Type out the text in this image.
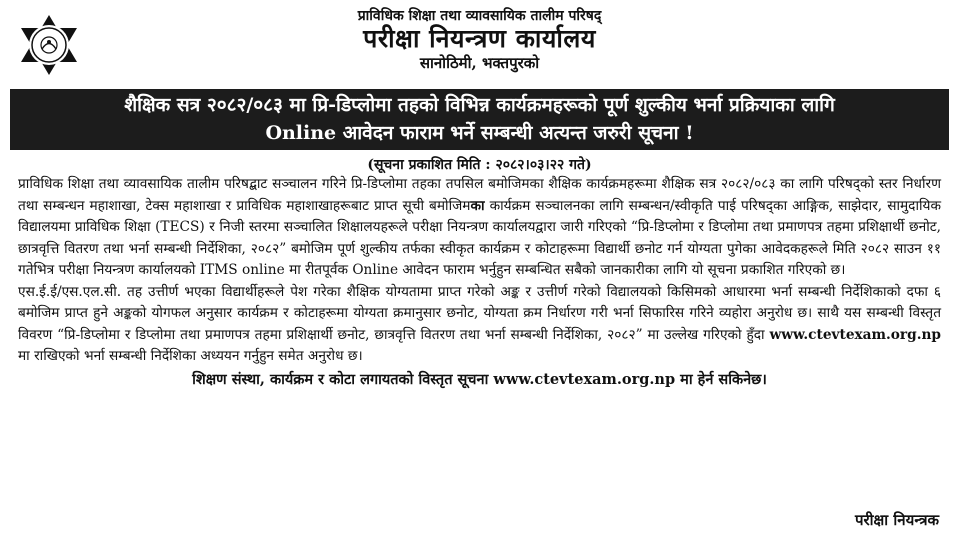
प्राविधिक शिक्षा तथा व्यावसायिक तालीम परिषद्
परीक्षा नियन्त्रण कार्यालय
सानोठिमी, भक्तपुरको
शैक्षिक सत्र २०८२/०८३ मा प्रि-डिप्लोमा तहको विभिन्न कार्यक्रमहरूको पूर्ण शुल्कीय भर्ना प्रक्रियाका लागि
Online आवेदन फाराम भर्ने सम्बन्धी अत्यन्त जरुरी सूचना !
(सूचना प्रकाशित मिति : २०८२।०३।२२ गते)

प्राविधिक शिक्षा तथा व्यावसायिक तालीम परिषद्बाट सञ्चालन गरिने प्रि-डिप्लोमा तहका तपसिल बमोजिमका शैक्षिक कार्यक्रमहरूमा शैक्षिक सत्र २०८२/०८३ का लागि परिषद्को स्तर निर्धारण तथा सम्बन्धन महाशाखा, टेक्स महाशाखा र प्राविधिक महाशाखाहरूबाट प्राप्त सूची बमोजिमका कार्यक्रम सञ्चालनका लागि सम्बन्धन/स्वीकृति पाई परिषद्का आङ्गिक, साझेदार, सामुदायिक विद्यालयमा प्राविधिक शिक्षा (TECS) र निजी स्तरमा सञ्चालित शिक्षालयहरूले परीक्षा नियन्त्रण कार्यालयद्वारा जारी गरिएको “प्रि-डिप्लोमा र डिप्लोमा तथा प्रमाणपत्र तहमा प्रशिक्षार्थी छनोट, छात्रवृत्ति वितरण तथा भर्ना सम्बन्धी निर्देशिका, २०८२” बमोजिम पूर्ण शुल्कीय तर्फका स्वीकृत कार्यक्रम र कोटाहरूमा विद्यार्थी छनोट गर्न योग्यता पुगेका आवेदकहरूले मिति २०८२ साउन ११ गतेभित्र परीक्षा नियन्त्रण कार्यालयको ITMS online मा रीतपूर्वक Online आवेदन फाराम भर्नुहुन सम्बन्धित सबैको जानकारीका लागि यो सूचना प्रकाशित गरिएको छ।

एस.ई.ई/एस.एल.सी. तह उत्तीर्ण भएका विद्यार्थीहरूले पेश गरेका शैक्षिक योग्यतामा प्राप्त गरेको अङ्क र उत्तीर्ण गरेको विद्यालयको किसिमको आधारमा भर्ना सम्बन्धी निर्देशिकाको दफा ६ बमोजिम प्राप्त हुने अङ्कको योगफल अनुसार कार्यक्रम र कोटाहरूमा योग्यता क्रमानुसार छनोट, योग्यता क्रम निर्धारण गरी भर्ना सिफारिस गरिने व्यहोरा अनुरोध छ। साथै यस सम्बन्धी विस्तृत विवरण “प्रि-डिप्लोमा र डिप्लोमा तथा प्रमाणपत्र तहमा प्रशिक्षार्थी छनोट, छात्रवृत्ति वितरण तथा भर्ना सम्बन्धी निर्देशिका, २०८२” मा उल्लेख गरिएको हुँदा www.ctevtexam.org.np मा राखिएको भर्ना सम्बन्धी निर्देशिका अध्ययन गर्नुहुन समेत अनुरोध छ।

शिक्षण संस्था, कार्यक्रम र कोटा लगायतको विस्तृत सूचना www.ctevtexam.org.np मा हेर्न सकिनेछ।
परीक्षा नियन्त्रक
